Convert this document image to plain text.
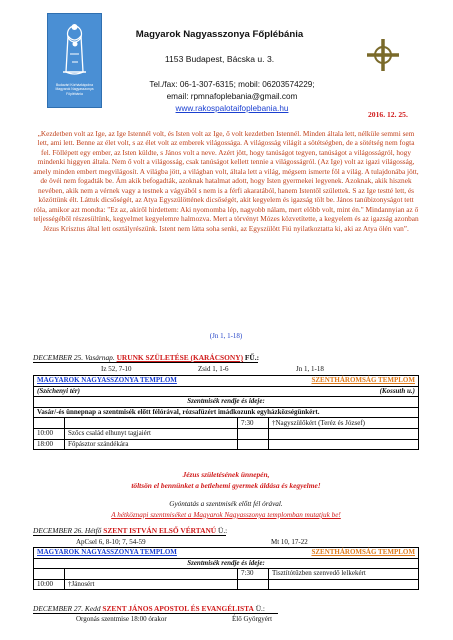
Budavári Kórházkápolna
Magyarok Nagyasszonya
Főplébánia
Magyarok Nagyasszonya Főplébánia
1153 Budapest, Bácska u. 3.
Tel./fax: 06-1-307-6315; mobil: 06203574229;
email: rpmnafoplebania@gmail.com
www.rakospalotaifoplebania.hu
2016. 12. 25.
„Kezdetben volt az Ige, az Ige Istennél volt, és Isten volt az Ige, ő volt kezdetben Istennél. Minden általa lett, nélküle semmi sem lett, ami lett. Benne az élet volt, s az élet volt az emberek világossága. A világosság világít a sötétségben, de a sötétség nem fogta fel. Föllépett egy ember, az Isten küldte, s János volt a neve. Azért jött, hogy tanúságot tegyen, tanúságot a világosságról, hogy mindenki higgyen általa. Nem ő volt a világosság, csak tanúságot kellett tennie a világosságról. (Az Ige) volt az igazi világosság, amely minden embert megvilágosít. A világba jött, a világban volt, általa lett a világ, mégsem ismerte föl a világ. A tulajdonába jött, de övéi nem fogadták be. Ám akik befogadták, azoknak hatalmat adott, hogy Isten gyermekei legyenek. Azoknak, akik hisznek nevében, akik nem a vérnek vagy a testnek a vágyából s nem is a férfi akaratából, hanem Istentől születtek. S az Ige testté lett, és közöttünk élt. Láttuk dicsőségét, az Atya Egyszülöttének dicsőségét, akit kegyelem és igazság tölt be. János tanúbizonyságot tett róla, amikor azt mondta: "Ez az, akiről hirdettem: Aki nyomomba lép, nagyobb nálam, mert előbb volt, mint én." Mindannyian az ő teljességéből részesültünk, kegyelmet kegyelemre halmozva. Mert a törvényt Mózes közvetítette, a kegyelem és az igazság azonban Jézus Krisztus által lett osztályrészünk. Istent nem látta soha senki, az Egyszülött Fiú nyilatkoztatta ki, aki az Atya ölén van”.
(Jn 1, 1-18)
DECEMBER 25. Vasárnap. URUNK SZÜLETÉSE (KARÁCSONY) FŰ.:
Iz 52, 7-10	Zsid 1, 1-6	Jn 1, 1-18
MAGYAROK NAGYASSZONYA TEMPLOM		SZENTHÁROMSÁG TEMPLOM	
(Széchenyi tér)		(Kossuth u.)	
Szentmisék rendje és ideje:			
Vasár/-és ünnepnap a szentmisék előtt félórával, rózsafüzért imádkozunk egyházközségünkért.			
		7:30	†Nagyszülőkért (Teréz és József)
10:00	Szőcs család elhunyt tagjaiért		
18:00	Főpásztor szándékára		
Jézus születésének ünnepén,
töltsön el bennünket a betlehemi gyermek áldása és kegyelme!
Gyóntatás a szentmisék előtt fél órával.
A hétköznapi szentmiséket a Magyarok Nagyasszonya templomban mutatjuk be!
DECEMBER 26. Hétfő SZENT ISTVÁN ELSŐ VÉRTANÚ Ü.:
ApCsel 6, 8-10; 7, 54-59	Mt 10, 17-22
MAGYAROK NAGYASSZONYA TEMPLOM		SZENTHÁROMSÁG TEMPLOM	
Szentmisék rendje és ideje:			
		7:30	Tisztítótűzben szenvedő lelkekért
10:00	†Jánosért		
DECEMBER 27. Kedd SZENT JÁNOS APOSTOL ÉS EVANGÉLISTA Ü.:
Orgonás szentmise 18:00 órakor	Élő Györgyért
